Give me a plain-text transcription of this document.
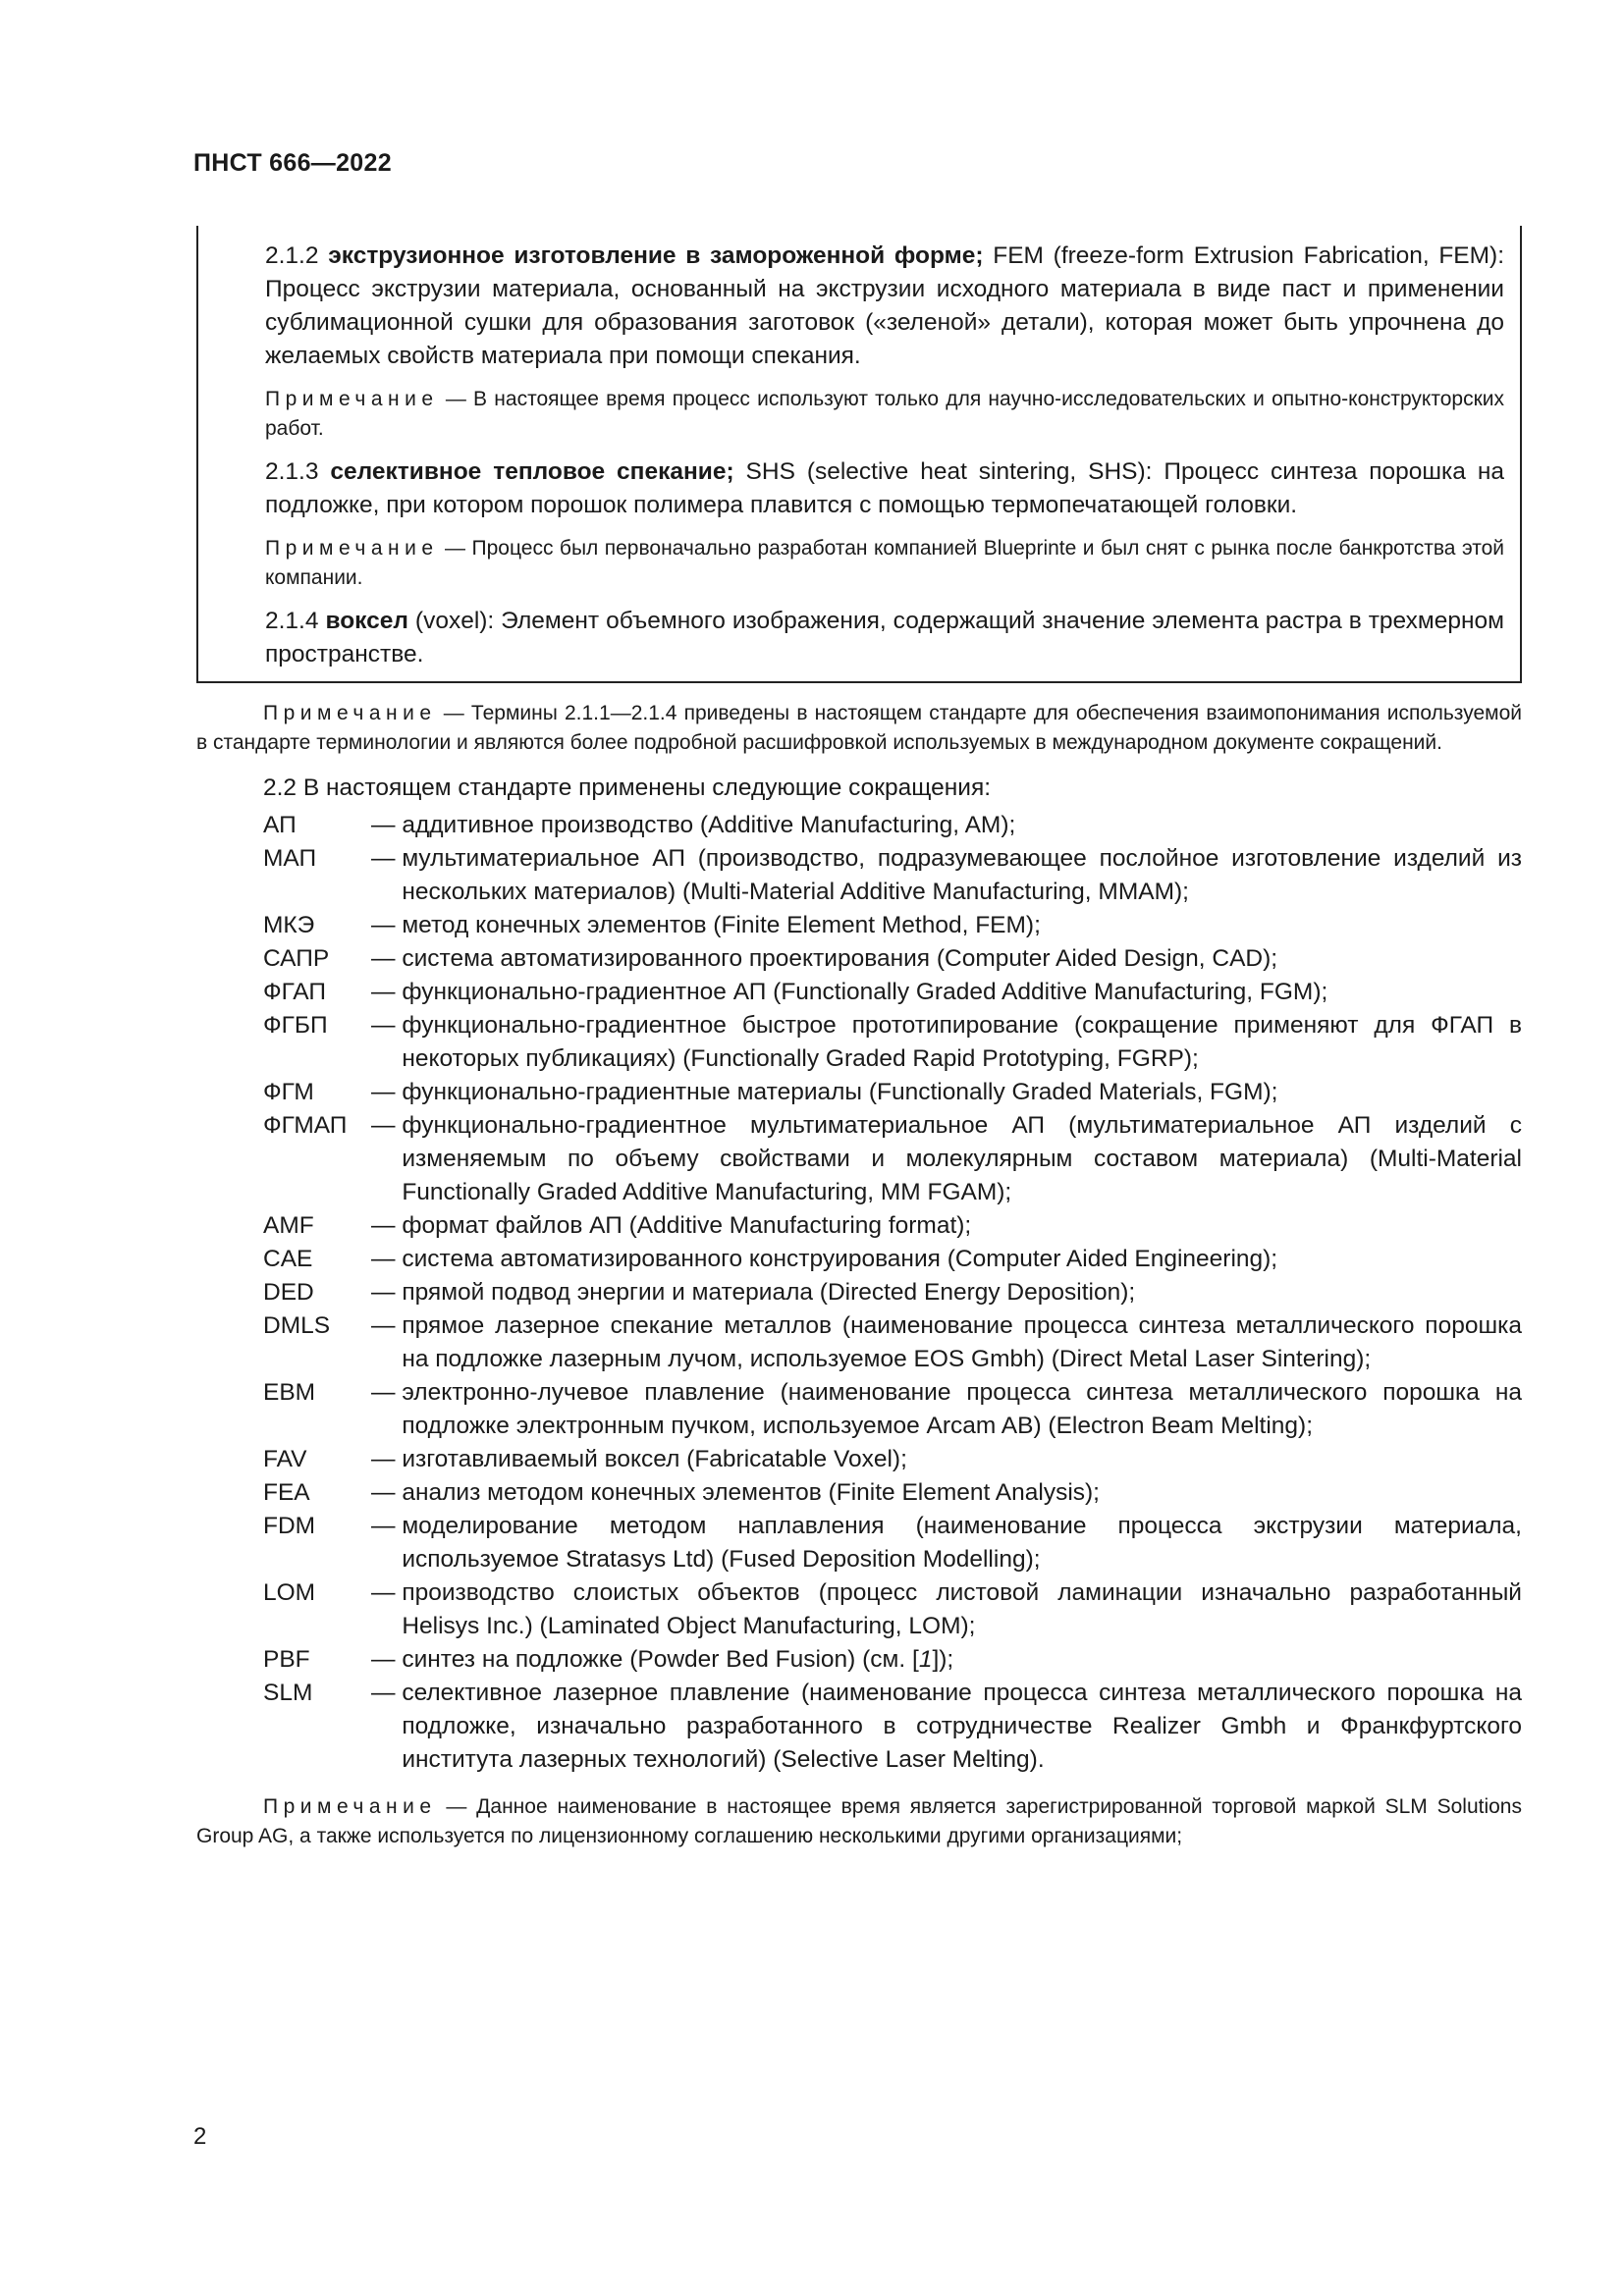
ПНСТ 666—2022

2.1.2 экструзионное изготовление в замороженной форме; FEM (freeze-form Extrusion Fabrication, FEM): Процесс экструзии материала, основанный на экструзии исходного материала в виде паст и применении сублимационной сушки для образования заготовок («зеленой» детали), которая может быть упрочнена до желаемых свойств материала при помощи спекания.

Примечание — В настоящее время процесс используют только для научно-исследовательских и опытно-конструкторских работ.

2.1.3 селективное тепловое спекание; SHS (selective heat sintering, SHS): Процесс синтеза порошка на подложке, при котором порошок полимера плавится с помощью термопечатающей головки.

Примечание — Процесс был первоначально разработан компанией Blueprinte и был снят с рынка после банкротства этой компании.

2.1.4 воксел (voxel): Элемент объемного изображения, содержащий значение элемента растра в трехмерном пространстве.

Примечание — Термины 2.1.1—2.1.4 приведены в настоящем стандарте для обеспечения взаимопонимания используемой в стандарте терминологии и являются более подробной расшифровкой используемых в международном документе сокращений.

2.2 В настоящем стандарте применены следующие сокращения:

АП	— аддитивное производство (Additive Manufacturing, AM);
МАП	— мультиматериальное АП (производство, подразумевающее послойное изготовление изделий из нескольких материалов) (Multi-Material Additive Manufacturing, MMAM);
МКЭ	— метод конечных элементов (Finite Element Method, FEM);
САПР	— система автоматизированного проектирования (Computer Aided Design, CAD);
ФГАП	— функционально-градиентное АП (Functionally Graded Additive Manufacturing, FGM);
ФГБП	— функционально-градиентное быстрое прототипирование (сокращение применяют для ФГАП в некоторых публикациях) (Functionally Graded Rapid Prototyping, FGRP);
ФГМ	— функционально-градиентные материалы (Functionally Graded Materials, FGM);
ФГМАП	— функционально-градиентное мультиматериальное АП (мультиматериальное АП изделий с изменяемым по объему свойствами и молекулярным составом материала) (Multi-Material Functionally Graded Additive Manufacturing, MM FGAM);
AMF	— формат файлов АП (Additive Manufacturing format);
CAE	— система автоматизированного конструирования (Computer Aided Engineering);
DED	— прямой подвод энергии и материала (Directed Energy Deposition);
DMLS	— прямое лазерное спекание металлов (наименование процесса синтеза металлического порошка на подложке лазерным лучом, используемое EOS Gmbh) (Direct Metal Laser Sintering);
EBM	— электронно-лучевое плавление (наименование процесса синтеза металлического порошка на подложке электронным пучком, используемое Arcam AB) (Electron Beam Melting);
FAV	— изготавливаемый воксел (Fabricatable Voxel);
FEA	— анализ методом конечных элементов (Finite Element Analysis);
FDM	— моделирование методом наплавления (наименование процесса экструзии материала, используемое Stratasys Ltd) (Fused Deposition Modelling);
LOM	— производство слоистых объектов (процесс листовой ламинации изначально разработанный Helisys Inc.) (Laminated Object Manufacturing, LOM);
PBF	— синтез на подложке (Powder Bed Fusion) (см. [1]);
SLM	— селективное лазерное плавление (наименование процесса синтеза металлического порошка на подложке, изначально разработанного в сотрудничестве Realizer Gmbh и Франкфуртского института лазерных технологий) (Selective Laser Melting).

Примечание — Данное наименование в настоящее время является зарегистрированной торговой маркой SLM Solutions Group AG, а также используется по лицензионному соглашению несколькими другими организациями;

2
